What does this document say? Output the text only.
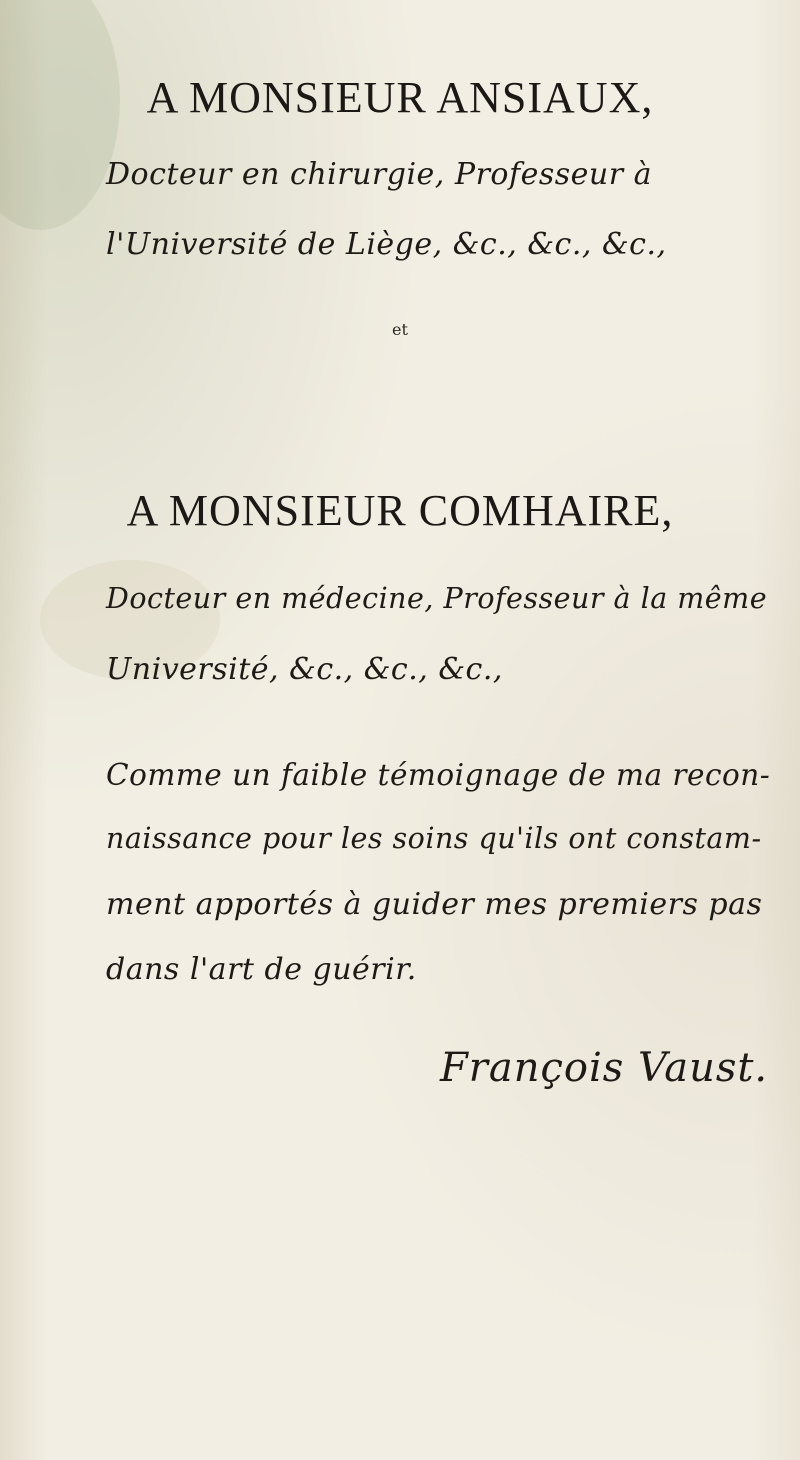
A MONSIEUR ANSIAUX,
Docteur en chirurgie, Professeur à
l'Université de Liège, &c., &c., &c.,
et
A MONSIEUR COMHAIRE,
Docteur en médecine, Professeur à la même
Université, &c., &c., &c.,
Comme un faible témoignage de ma recon-
naissance pour les soins qu'ils ont constam-
ment apportés à guider mes premiers pas
dans l'art de guérir.
François Vaust.
